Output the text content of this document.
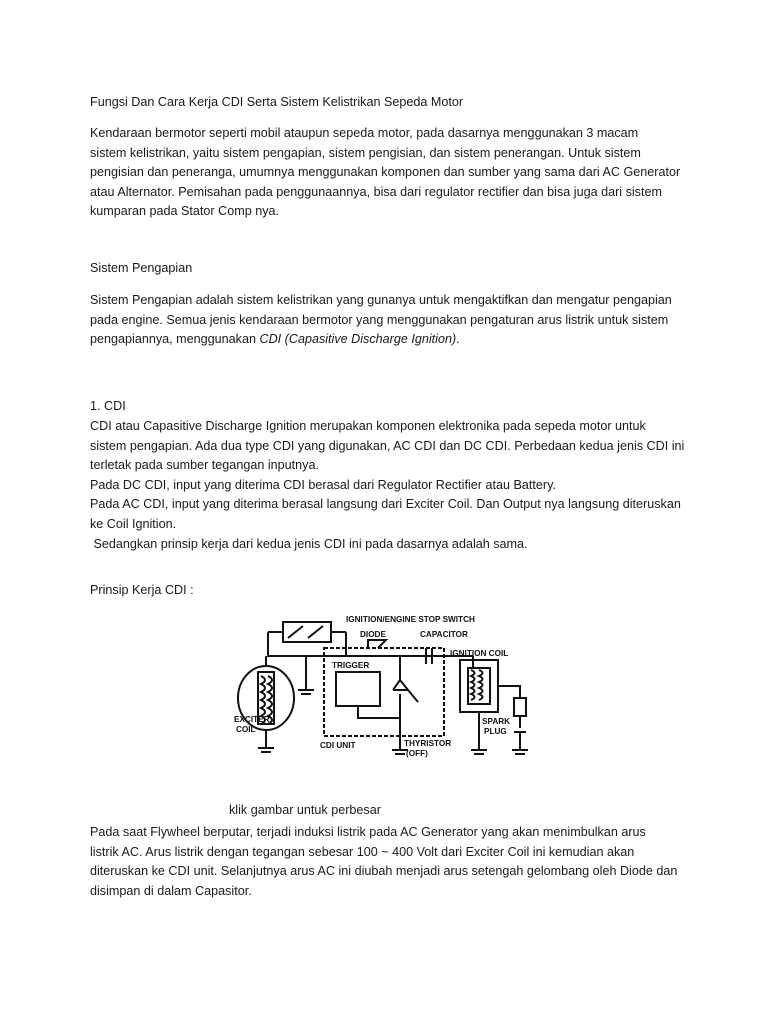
Fungsi Dan Cara Kerja CDI Serta Sistem Kelistrikan Sepeda Motor

Kendaraan bermotor seperti mobil ataupun sepeda motor, pada dasarnya menggunakan 3 macam
sistem kelistrikan, yaitu sistem pengapian, sistem pengisian, dan sistem penerangan. Untuk sistem
pengisian dan peneranga, umumnya menggunakan komponen dan sumber yang sama dari AC Generator
atau Alternator. Pemisahan pada penggunaannya, bisa dari regulator rectifier dan bisa juga dari sistem
kumparan pada Stator Comp nya.

Sistem Pengapian

Sistem Pengapian adalah sistem kelistrikan yang gunanya untuk mengaktifkan dan mengatur pengapian
pada engine. Semua jenis kendaraan bermotor yang menggunakan pengaturan arus listrik untuk sistem
pengapiannya, menggunakan CDI (Capasitive Discharge Ignition).

1. CDI

CDI atau Capasitive Discharge Ignition merupakan komponen elektronika pada sepeda motor untuk
sistem pengapian. Ada dua type CDI yang digunakan, AC CDI dan DC CDI. Perbedaan kedua jenis CDI ini
terletak pada sumber tegangan inputnya.
Pada DC CDI, input yang diterima CDI berasal dari Regulator Rectifier atau Battery.
Pada AC CDI, input yang diterima berasal langsung dari Exciter Coil. Dan Output nya langsung diteruskan
ke Coil Ignition.
Sedangkan prinsip kerja dari kedua jenis CDI ini pada dasarnya adalah sama.

Prinsip Kerja CDI :

IGNITION/ENGINE STOP SWITCH
DIODE	CAPACITOR
IGNITION COIL
TRIGGER
EXCITER
COIL
CDI UNIT	THYRISTOR
(OFF)
SPARK
PLUG

klik gambar untuk perbesar

Pada saat Flywheel berputar, terjadi induksi listrik pada AC Generator yang akan menimbulkan arus
listrik AC. Arus listrik dengan tegangan sebesar 100 ~ 400 Volt dari Exciter Coil ini kemudian akan
diteruskan ke CDI unit. Selanjutnya arus AC ini diubah menjadi arus setengah gelombang oleh Diode dan
disimpan di dalam Capasitor.
